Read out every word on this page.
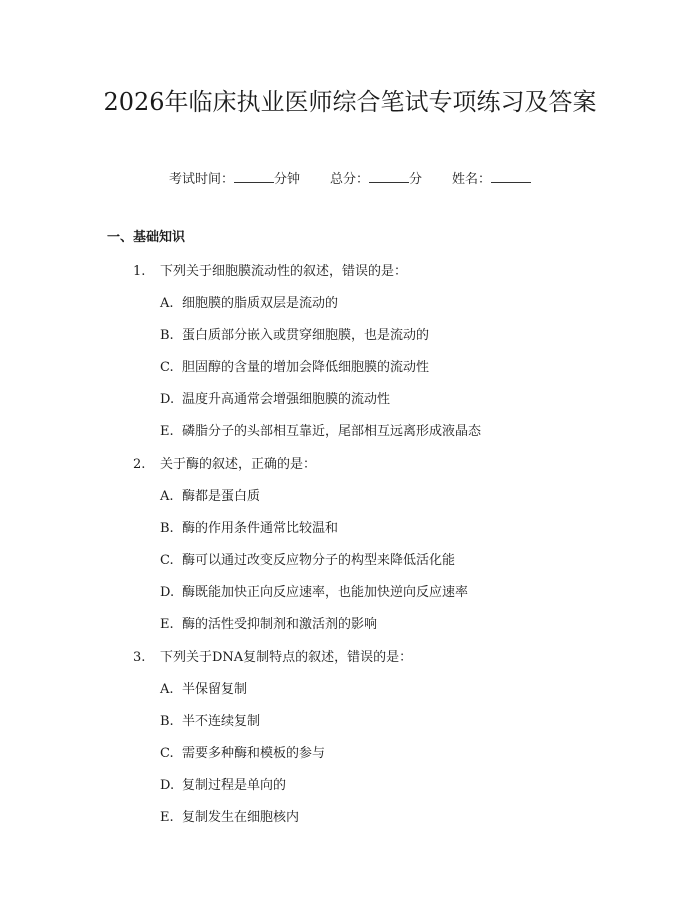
2026年临床执业医师综合笔试专项练习及答案
考试时间：	分钟 总分：	分 姓名：
一、基础知识
1. 下列关于细胞膜流动性的叙述，错误的是：
A. 细胞膜的脂质双层是流动的
B. 蛋白质部分嵌入或贯穿细胞膜，也是流动的
C. 胆固醇的含量的增加会降低细胞膜的流动性
D. 温度升高通常会增强细胞膜的流动性
E. 磷脂分子的头部相互靠近，尾部相互远离形成液晶态
2. 关于酶的叙述，正确的是：
A. 酶都是蛋白质
B. 酶的作用条件通常比较温和
C. 酶可以通过改变反应物分子的构型来降低活化能
D. 酶既能加快正向反应速率，也能加快逆向反应速率
E. 酶的活性受抑制剂和激活剂的影响
3. 下列关于DNA复制特点的叙述，错误的是：
A. 半保留复制
B. 半不连续复制
C. 需要多种酶和模板的参与
D. 复制过程是单向的
E. 复制发生在细胞核内
